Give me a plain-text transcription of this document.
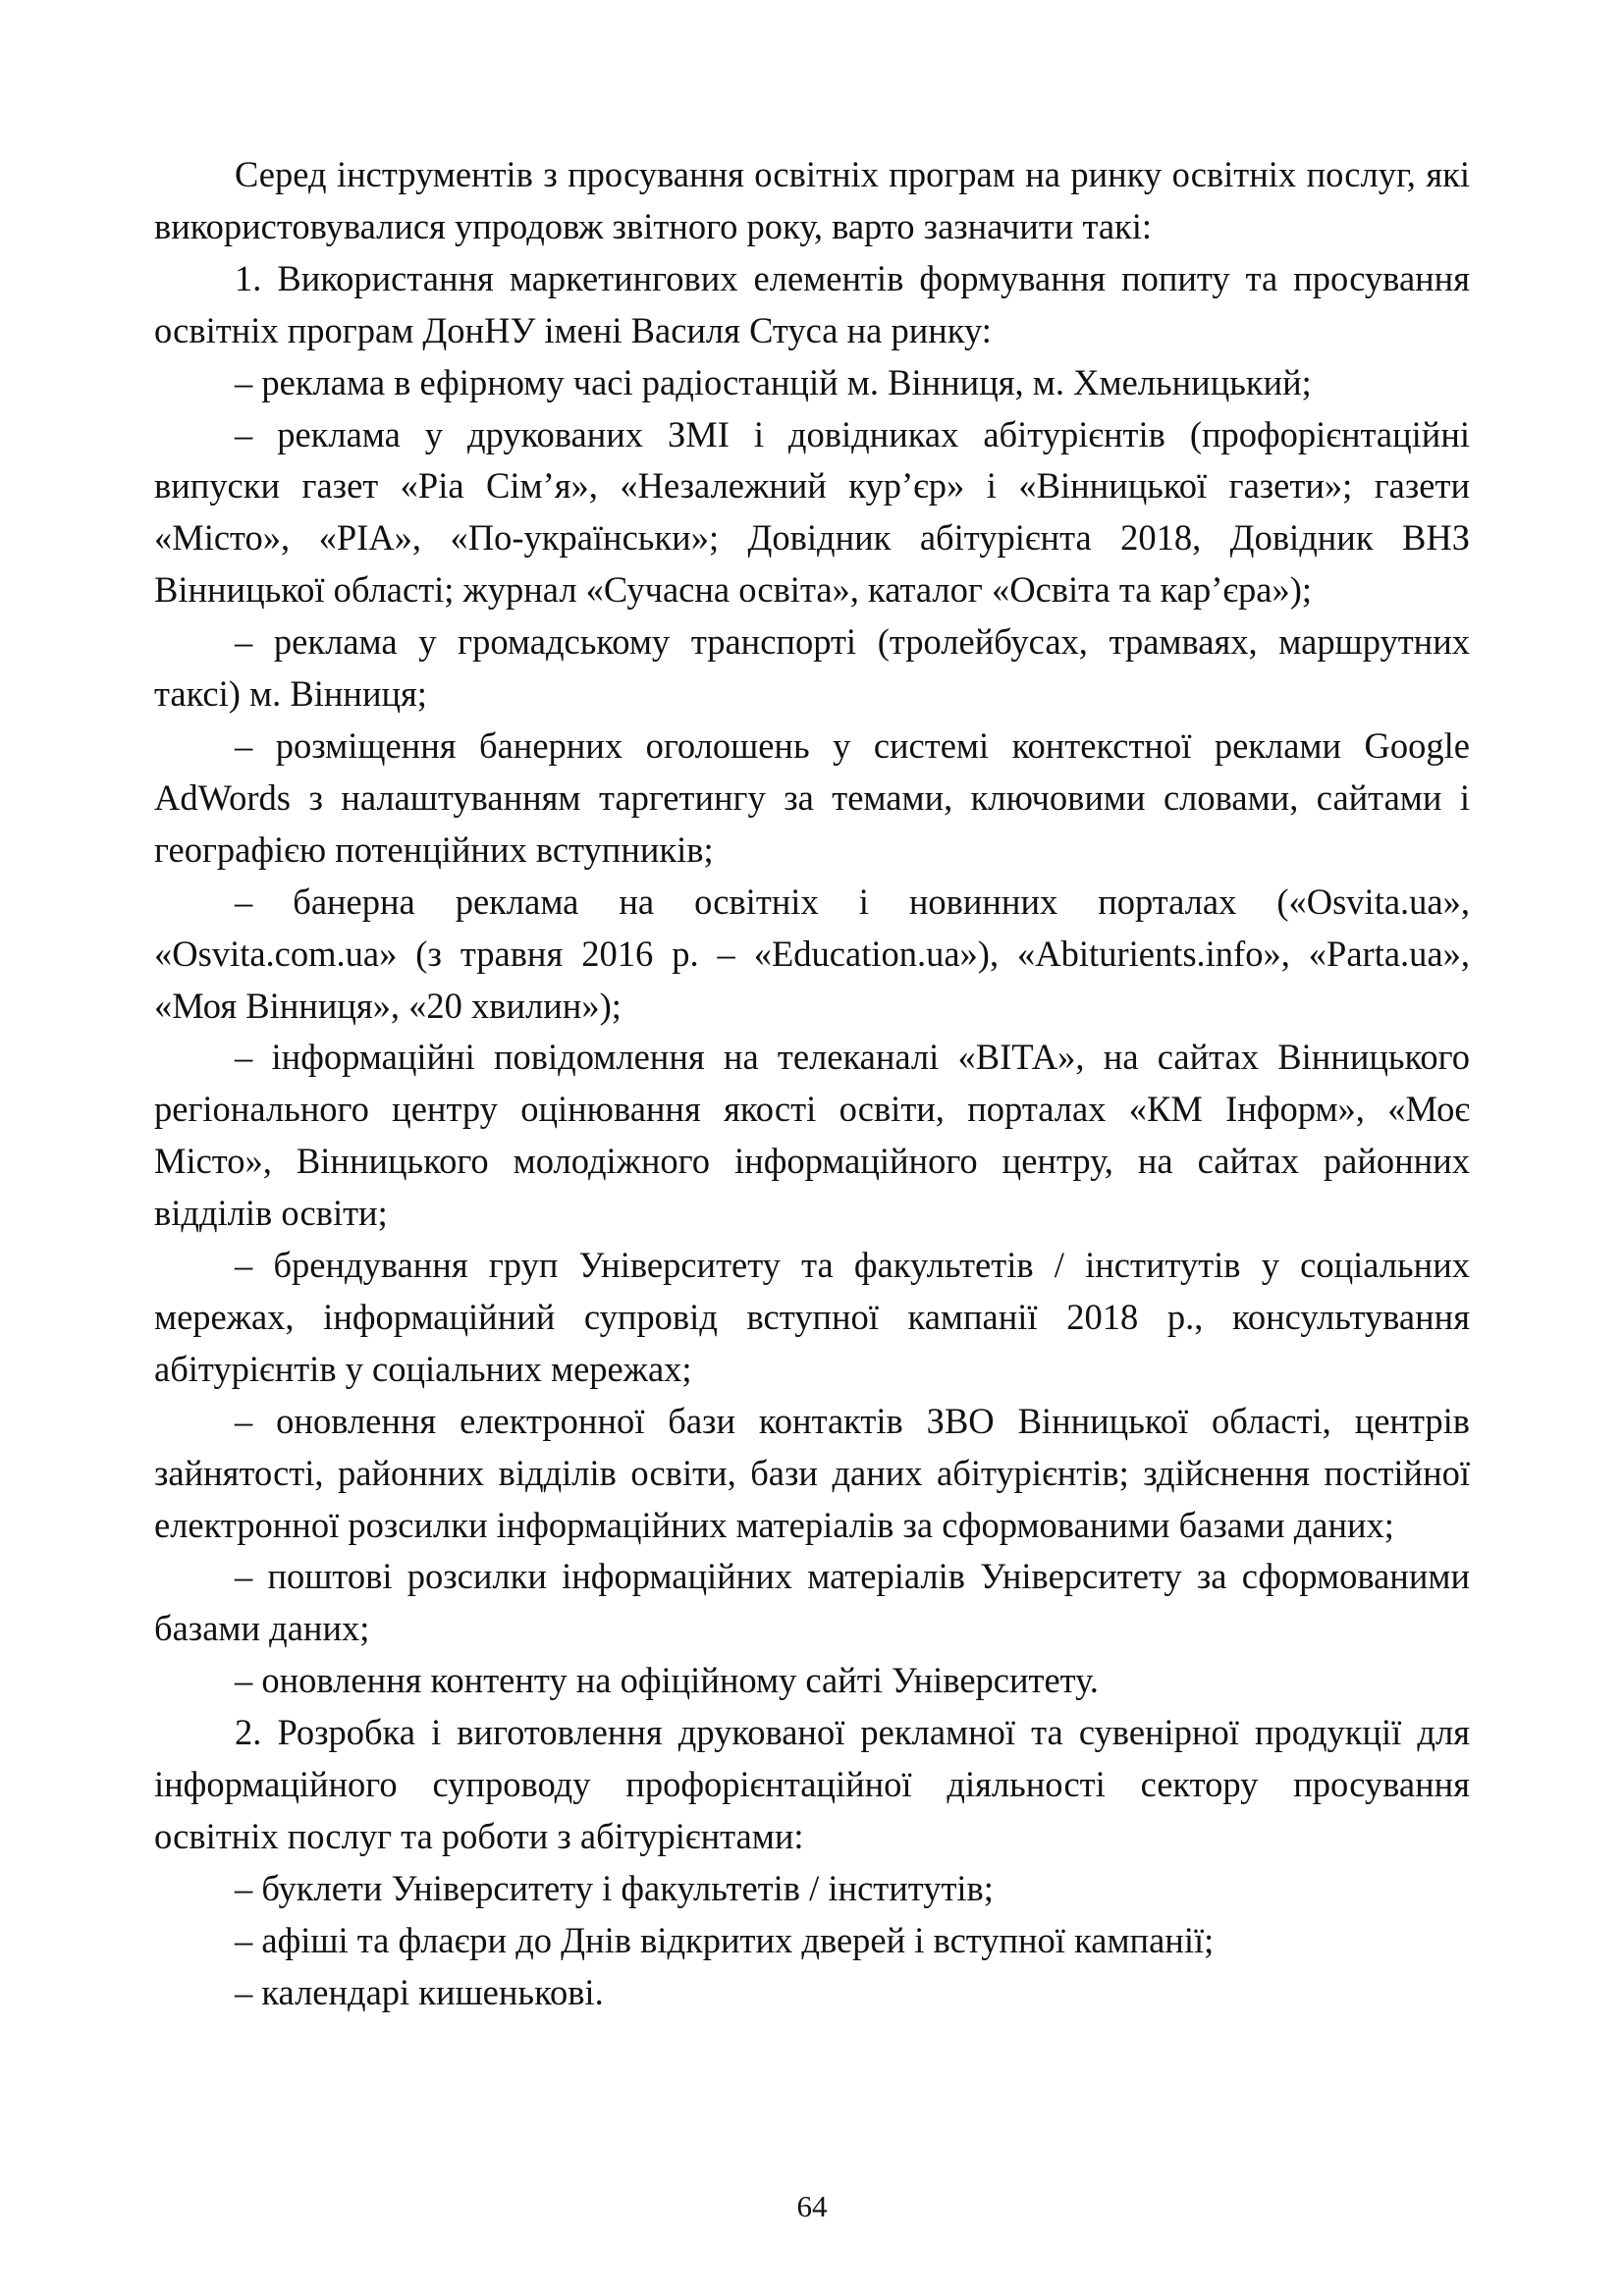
Серед інструментів з просування освітніх програм на ринку освітніх послуг, які використовувалися упродовж звітного року, варто зазначити такі:

1. Використання маркетингових елементів формування попиту та просування освітніх програм ДонНУ імені Василя Стуса на ринку:

– реклама в ефірному часі радіостанцій м. Вінниця, м. Хмельницький;

– реклама у друкованих ЗМІ і довідниках абітурієнтів (профорієнтаційні випуски газет «Ріа Сім’я», «Незалежний кур’єр» і «Вінницької газети»; газети «Місто», «РІА», «По-українськи»; Довідник абітурієнта 2018, Довідник ВНЗ Вінницької області; журнал «Сучасна освіта», каталог «Освіта та кар’єра»);

– реклама у громадському транспорті (тролейбусах, трамваях, маршрутних таксі) м. Вінниця;

– розміщення банерних оголошень у системі контекстної реклами Google AdWords з налаштуванням таргетингу за темами, ключовими словами, сайтами і географією потенційних вступників;

– банерна реклама на освітніх і новинних порталах («Osvita.ua», «Osvita.com.ua» (з травня 2016 р. – «Education.ua»), «Abiturients.info», «Parta.ua», «Моя Вінниця», «20 хвилин»);

– інформаційні повідомлення на телеканалі «ВІТА», на сайтах Вінницького регіонального центру оцінювання якості освіти, порталах «КМ Інформ», «Моє Місто», Вінницького молодіжного інформаційного центру, на сайтах районних відділів освіти;

– брендування груп Університету та факультетів / інститутів у соціальних мережах, інформаційний супровід вступної кампанії 2018 р., консультування абітурієнтів у соціальних мережах;

– оновлення електронної бази контактів ЗВО Вінницької області, центрів зайнятості, районних відділів освіти, бази даних абітурієнтів; здійснення постійної електронної розсилки інформаційних матеріалів за сформованими базами даних;

– поштові розсилки інформаційних матеріалів Університету за сформованими базами даних;

– оновлення контенту на офіційному сайті Університету.

2. Розробка і виготовлення друкованої рекламної та сувенірної продукції для інформаційного супроводу профорієнтаційної діяльності сектору просування освітніх послуг та роботи з абітурієнтами:

– буклети Університету і факультетів / інститутів;

– афіші та флаєри до Днів відкритих дверей і вступної кампанії;

– календарі кишенькові.

64
